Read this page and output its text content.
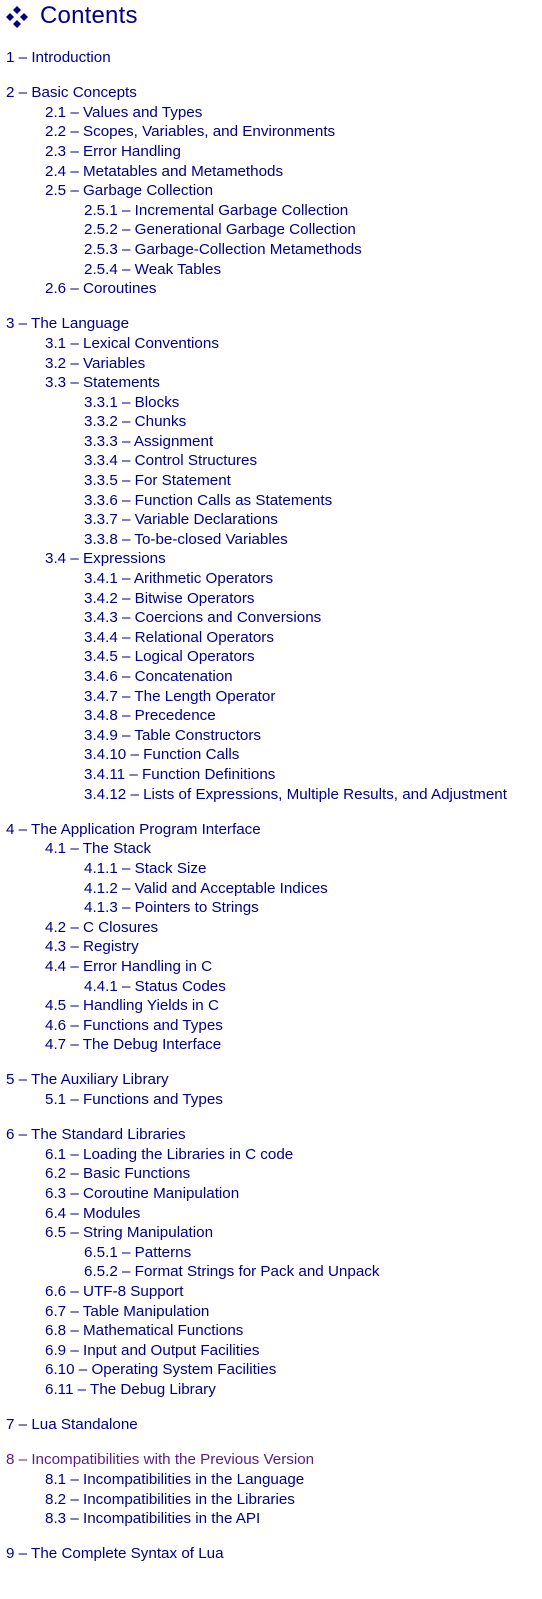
Contents
1 – Introduction
2 – Basic Concepts
2.1 – Values and Types
2.2 – Scopes, Variables, and Environments
2.3 – Error Handling
2.4 – Metatables and Metamethods
2.5 – Garbage Collection
2.5.1 – Incremental Garbage Collection
2.5.2 – Generational Garbage Collection
2.5.3 – Garbage-Collection Metamethods
2.5.4 – Weak Tables
2.6 – Coroutines
3 – The Language
3.1 – Lexical Conventions
3.2 – Variables
3.3 – Statements
3.3.1 – Blocks
3.3.2 – Chunks
3.3.3 – Assignment
3.3.4 – Control Structures
3.3.5 – For Statement
3.3.6 – Function Calls as Statements
3.3.7 – Variable Declarations
3.3.8 – To-be-closed Variables
3.4 – Expressions
3.4.1 – Arithmetic Operators
3.4.2 – Bitwise Operators
3.4.3 – Coercions and Conversions
3.4.4 – Relational Operators
3.4.5 – Logical Operators
3.4.6 – Concatenation
3.4.7 – The Length Operator
3.4.8 – Precedence
3.4.9 – Table Constructors
3.4.10 – Function Calls
3.4.11 – Function Definitions
3.4.12 – Lists of Expressions, Multiple Results, and Adjustment
4 – The Application Program Interface
4.1 – The Stack
4.1.1 – Stack Size
4.1.2 – Valid and Acceptable Indices
4.1.3 – Pointers to Strings
4.2 – C Closures
4.3 – Registry
4.4 – Error Handling in C
4.4.1 – Status Codes
4.5 – Handling Yields in C
4.6 – Functions and Types
4.7 – The Debug Interface
5 – The Auxiliary Library
5.1 – Functions and Types
6 – The Standard Libraries
6.1 – Loading the Libraries in C code
6.2 – Basic Functions
6.3 – Coroutine Manipulation
6.4 – Modules
6.5 – String Manipulation
6.5.1 – Patterns
6.5.2 – Format Strings for Pack and Unpack
6.6 – UTF-8 Support
6.7 – Table Manipulation
6.8 – Mathematical Functions
6.9 – Input and Output Facilities
6.10 – Operating System Facilities
6.11 – The Debug Library
7 – Lua Standalone
8 – Incompatibilities with the Previous Version
8.1 – Incompatibilities in the Language
8.2 – Incompatibilities in the Libraries
8.3 – Incompatibilities in the API
9 – The Complete Syntax of Lua
